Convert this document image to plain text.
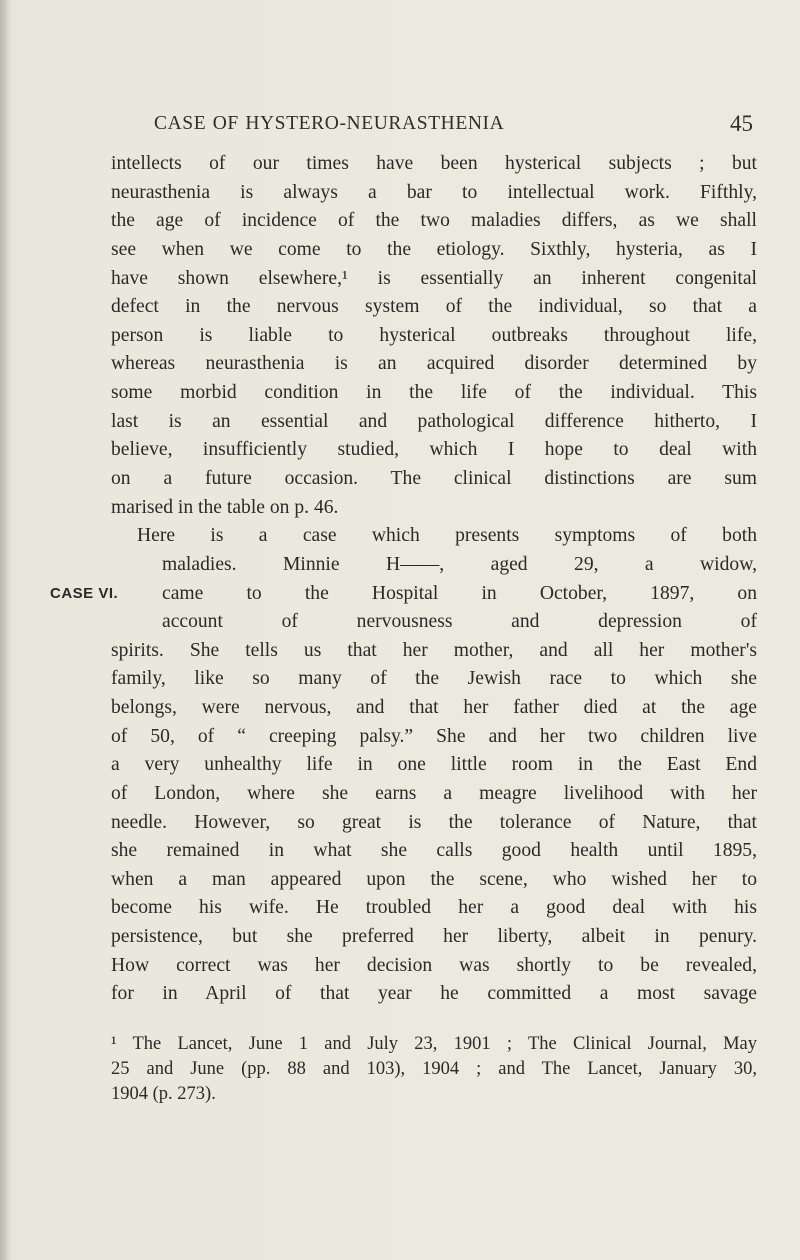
CASE OF HYSTERO-NEURASTHENIA	45
intellects of our times have been hysterical subjects ; but
neurasthenia is always a bar to intellectual work. Fifthly,
the age of incidence of the two maladies differs, as we shall
see when we come to the etiology. Sixthly, hysteria, as I
have shown elsewhere,¹ is essentially an inherent congenital
defect in the nervous system of the individual, so that a
person is liable to hysterical outbreaks throughout life,
whereas neurasthenia is an acquired disorder determined by
some morbid condition in the life of the individual. This
last is an essential and pathological difference hitherto, I
believe, insufficiently studied, which I hope to deal with
on a future occasion. The clinical distinctions are sum
marised in the table on p. 46.
Here is a case which presents symptoms of both
maladies. Minnie H——, aged 29, a widow,
CASE VI. came to the Hospital in October, 1897, on
account of nervousness and depression of
spirits. She tells us that her mother, and all her mother's
family, like so many of the Jewish race to which she
belongs, were nervous, and that her father died at the age
of 50, of “ creeping palsy.” She and her two children live
a very unhealthy life in one little room in the East End
of London, where she earns a meagre livelihood with her
needle. However, so great is the tolerance of Nature, that
she remained in what she calls good health until 1895,
when a man appeared upon the scene, who wished her to
become his wife. He troubled her a good deal with his
persistence, but she preferred her liberty, albeit in penury.
How correct was her decision was shortly to be revealed,
for in April of that year he committed a most savage
¹ The Lancet, June 1 and July 23, 1901 ; The Clinical Journal, May
25 and June (pp. 88 and 103), 1904 ; and The Lancet, January 30,
1904 (p. 273).
